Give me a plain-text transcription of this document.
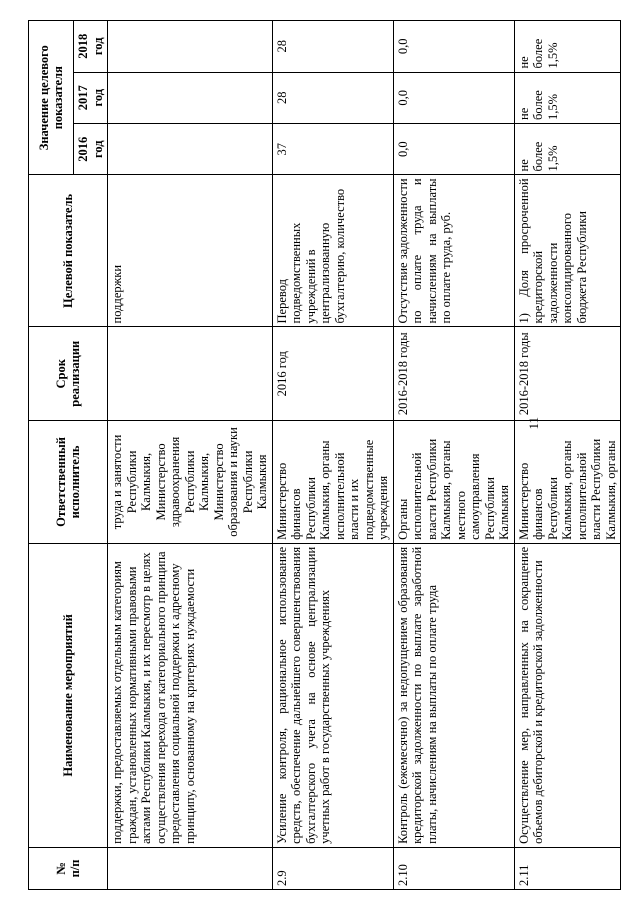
№
п/п	Наименование мероприятий	Ответственный исполнитель	Срок реализации	Целевой показатель	Значение целевого показателя		
					2016 год	2017 год	2018 год
	поддержки, предоставляемых отдельным категориям граждан, установленных нормативными правовыми актами Республики Калмыкия, и их пересмотр в целях осуществления перехода от категориального принципа предоставления социальной поддержки к адресному принципу, основанному на критериях нуждаемости	труда и занятости Республики Калмыкия, Министерство здравоохранения Республики Калмыкия, Министерство образования и науки Республики Калмыкия		поддержки			
2.9	Усиление контроля, рациональное использование средств, обеспечение дальнейшего совершенствования бухгалтерского учета на основе централизации учетных работ в государственных учреждениях	Министерство финансов Республики Калмыкия, органы исполнительной власти и их подведомственные учреждения	2016 год	Перевод подведомственных учреждений в централизованную бухгалтерию, количество	37	28	28
2.10	Контроль (ежемесячно) за недопущением образования кредиторской задолженности по выплате заработной платы, начислениям на выплаты по оплате труда	Органы исполнительной власти Республики Калмыкия, органы местного самоуправления Республики Калмыкия	2016-2018 годы	Отсутствие задолженности по оплате труда и начислениям на выплаты по оплате труда, руб.	0,0	0,0	0,0
2.11	Осуществление мер, направленных на сокращение объемов дебиторской и кредиторской задолженности	Министерство финансов Республики Калмыкия, органы исполнительной власти Республики Калмыкия, органы	2016-2018 годы	1) Доля просроченной кредиторской задолженности консолидированного бюджета Республики	не более 1,5%	не более 1,5%	не более 1,5%
11
